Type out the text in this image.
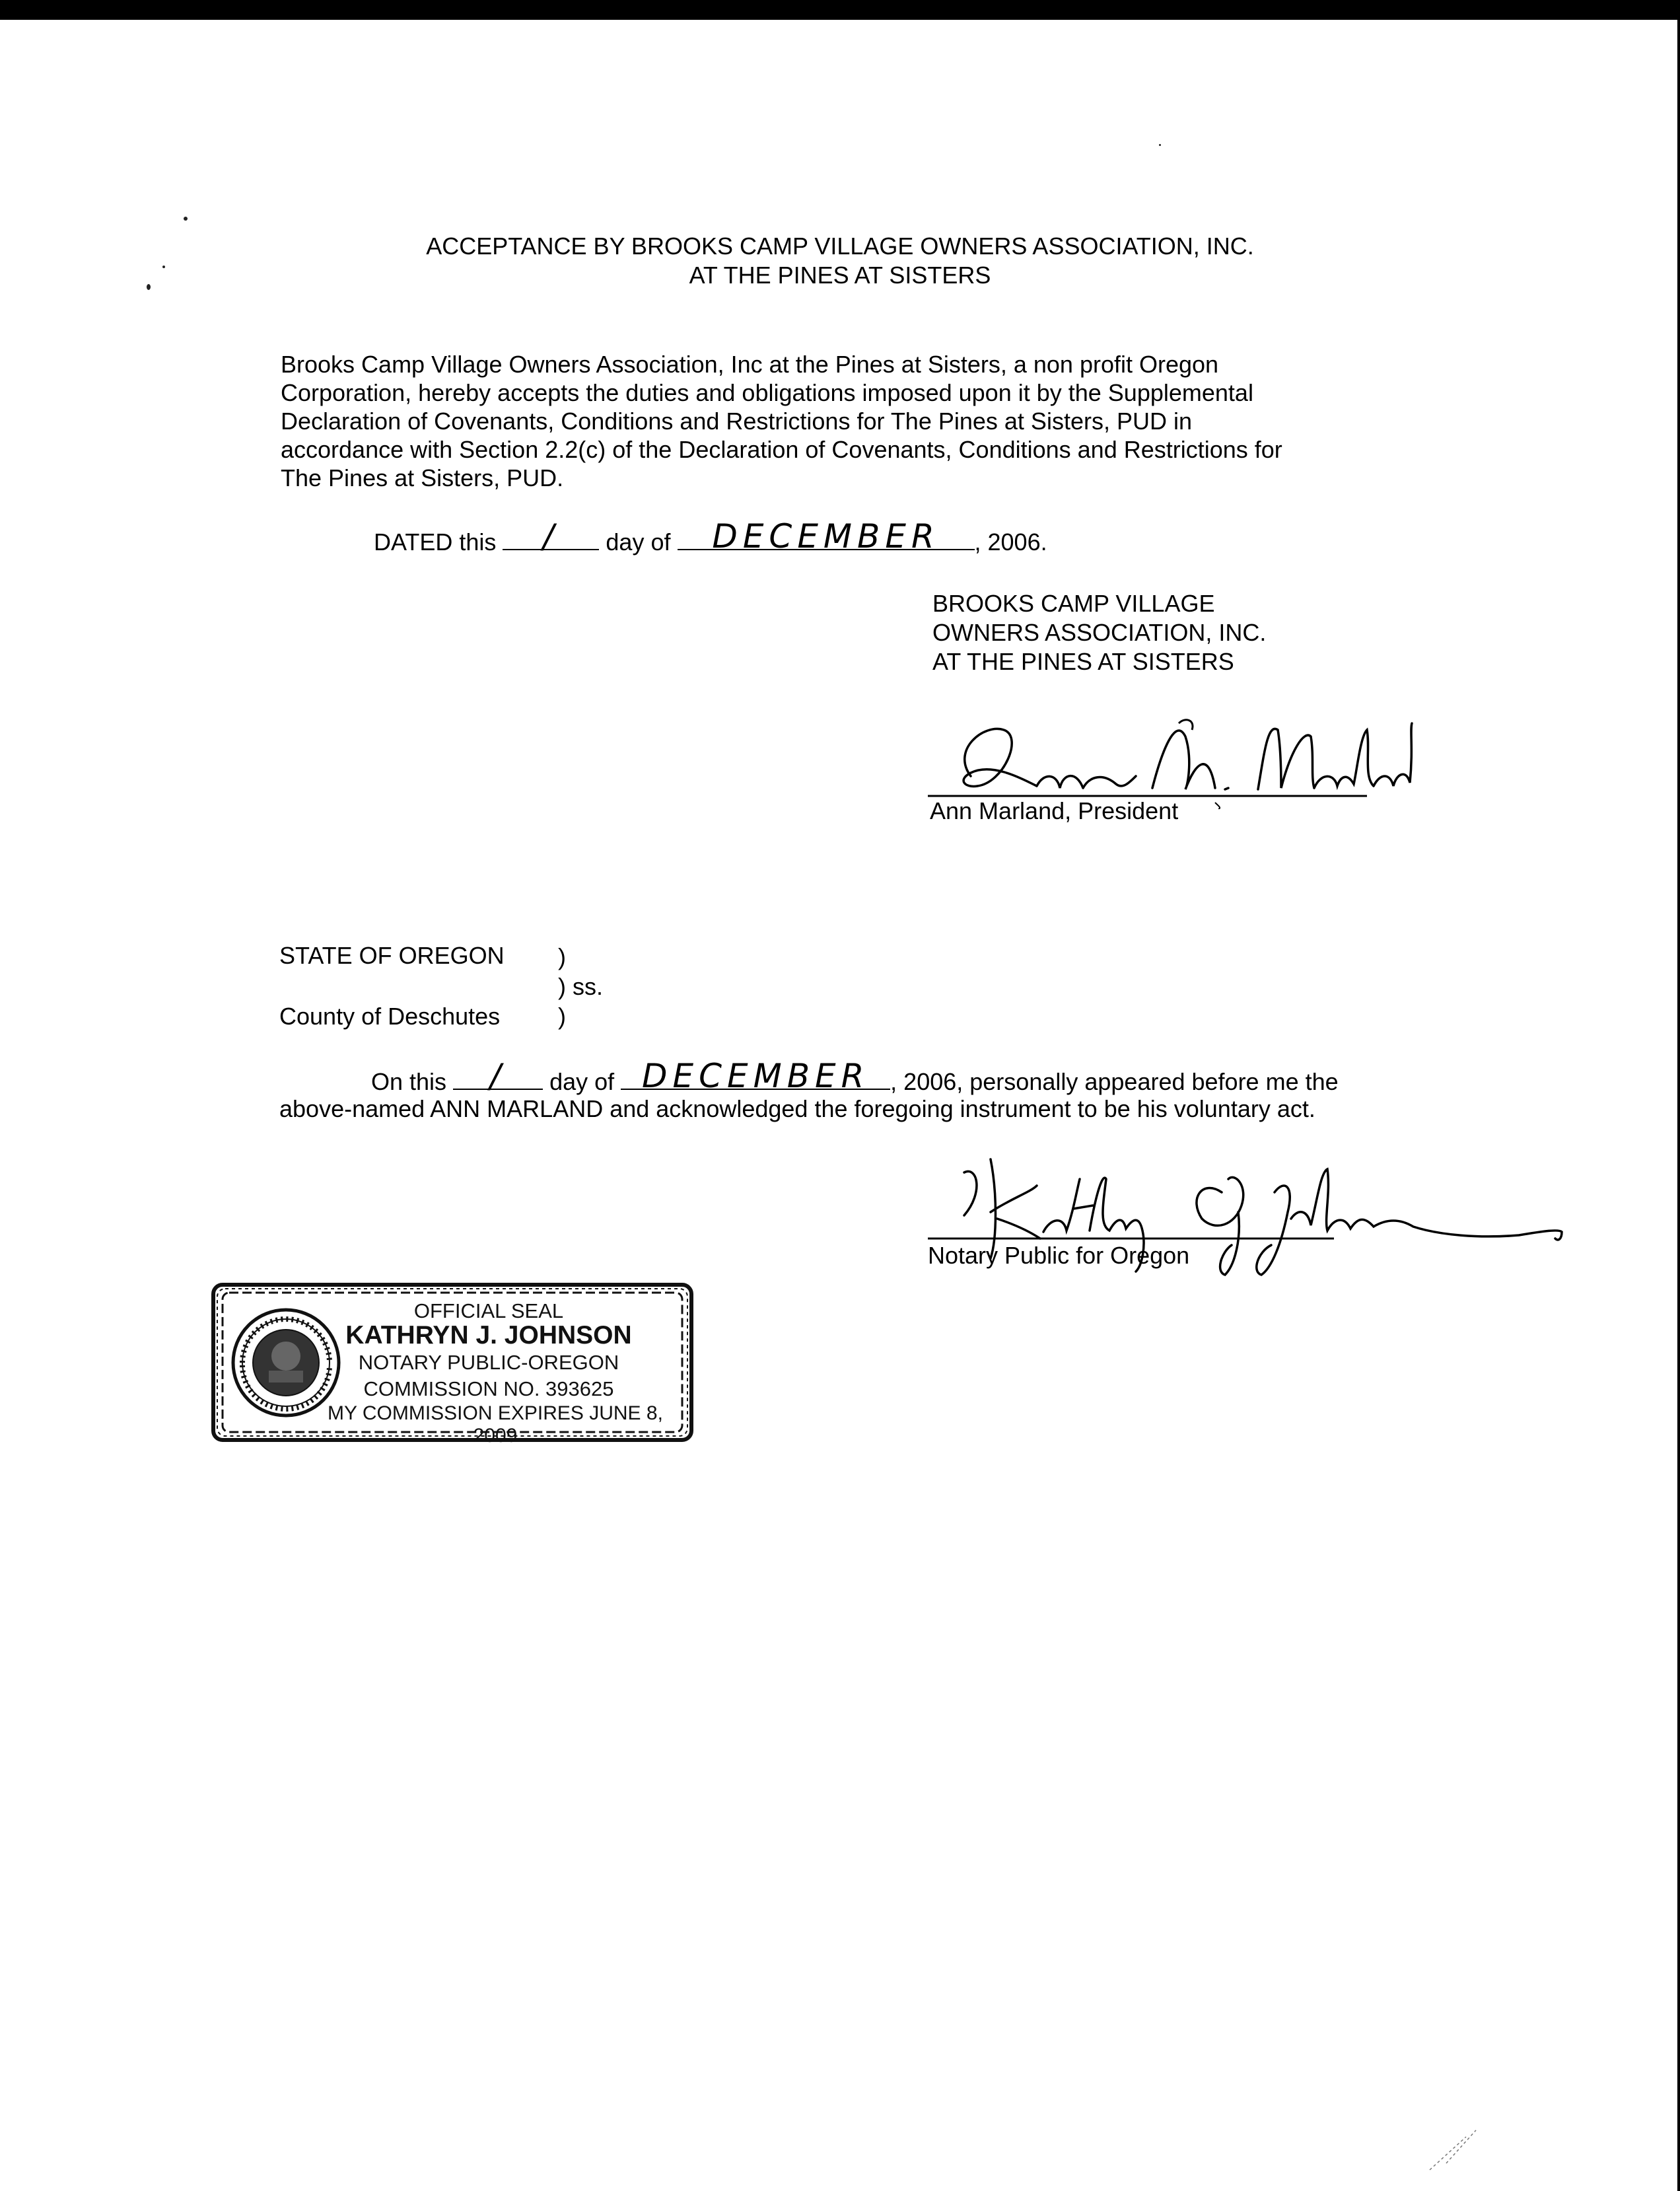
ACCEPTANCE BY BROOKS CAMP VILLAGE OWNERS ASSOCIATION, INC.
AT THE PINES AT SISTERS
Brooks Camp Village Owners Association, Inc at the Pines at Sisters, a non profit Oregon
Corporation, hereby accepts the duties and obligations imposed upon it by the Supplemental
Declaration of Covenants, Conditions and Restrictions for The Pines at Sisters, PUD in
accordance with Section 2.2(c) of the Declaration of Covenants, Conditions and Restrictions for
The Pines at Sisters, PUD.
DATED this	/	day of	DECEMBER	, 2006.
BROOKS CAMP VILLAGE
OWNERS ASSOCIATION, INC.
AT THE PINES AT SISTERS
Ann Marland, President
STATE OF OREGON )
) ss.
County of Deschutes )
On this	/	day of DECEMBER , 2006, personally appeared before me the
above-named ANN MARLAND and acknowledged the foregoing instrument to be his voluntary act.
Notary Public for Oregon
OFFICIAL SEAL
KATHRYN J. JOHNSON
NOTARY PUBLIC-OREGON
COMMISSION NO. 393625
MY COMMISSION EXPIRES JUNE 8, 2009
